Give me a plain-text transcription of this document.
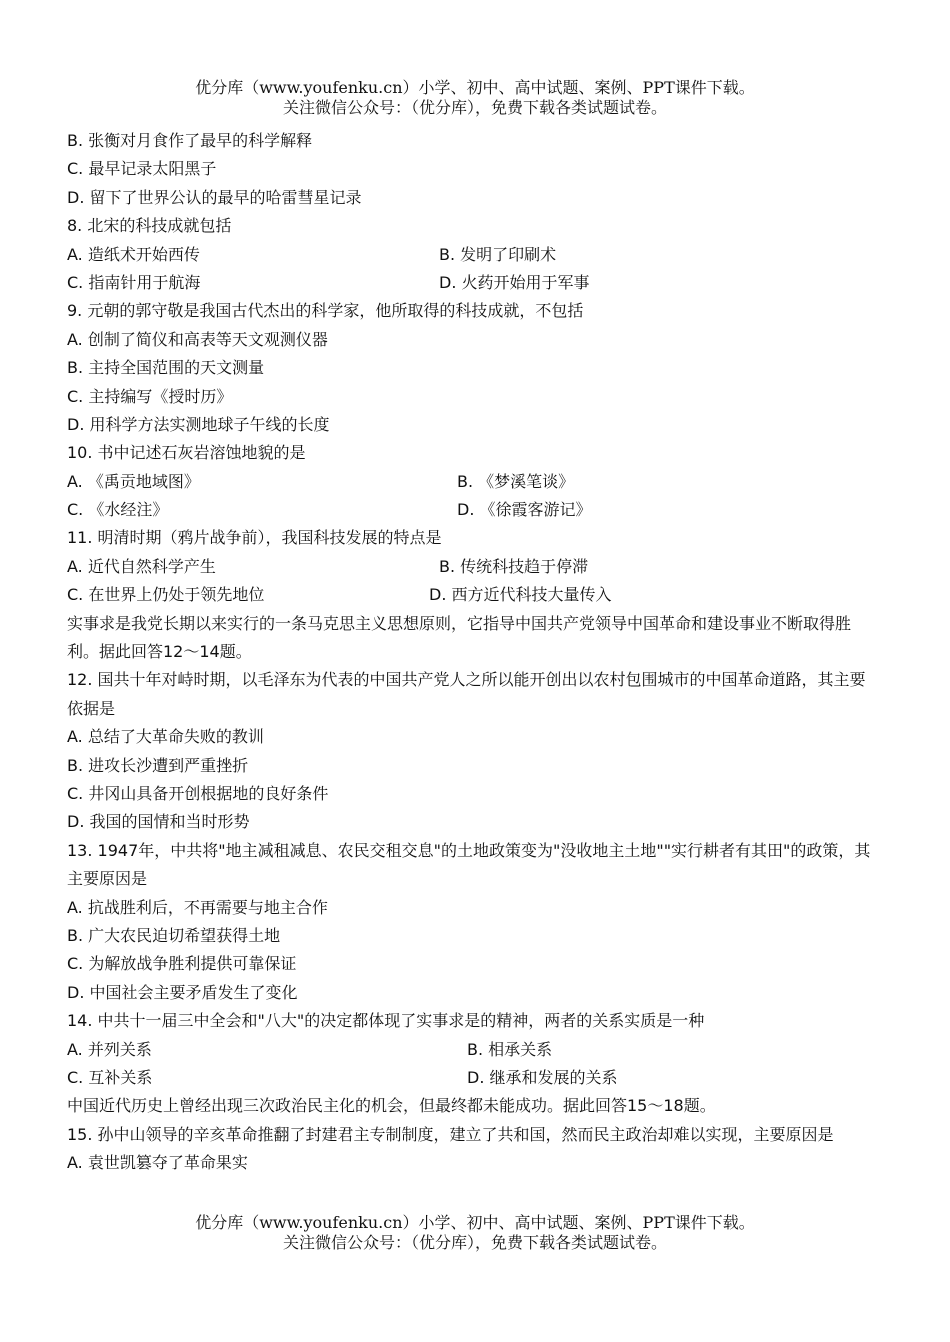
优分库（www.youfenku.cn）小学、初中、高中试题、案例、PPT课件下载。
关注微信公众号：（优分库），免费下载各类试题试卷。
B. 张衡对月食作了最早的科学解释
C. 最早记录太阳黑子
D. 留下了世界公认的最早的哈雷彗星记录
8. 北宋的科技成就包括
A. 造纸术开始西传	B. 发明了印刷术
C. 指南针用于航海	D. 火药开始用于军事
9. 元朝的郭守敬是我国古代杰出的科学家，他所取得的科技成就，不包括
A. 创制了简仪和高表等天文观测仪器
B. 主持全国范围的天文测量
C. 主持编写《授时历》
D. 用科学方法实测地球子午线的长度
10. 书中记述石灰岩溶蚀地貌的是
A. 《禹贡地域图》	B. 《梦溪笔谈》
C. 《水经注》	D. 《徐霞客游记》
11. 明清时期（鸦片战争前），我国科技发展的特点是
A. 近代自然科学产生	B. 传统科技趋于停滞
C. 在世界上仍处于领先地位	D. 西方近代科技大量传入
实事求是我党长期以来实行的一条马克思主义思想原则，它指导中国共产党领导中国革命和建设事业不断取得胜利。据此回答12～14题。
12. 国共十年对峙时期，以毛泽东为代表的中国共产党人之所以能开创出以农村包围城市的中国革命道路，其主要依据是
A. 总结了大革命失败的教训
B. 进攻长沙遭到严重挫折
C. 井冈山具备开创根据地的良好条件
D. 我国的国情和当时形势
13. 1947年，中共将"地主减租减息、农民交租交息"的土地政策变为"没收地主土地""实行耕者有其田"的政策，其主要原因是
A. 抗战胜利后，不再需要与地主合作
B. 广大农民迫切希望获得土地
C. 为解放战争胜利提供可靠保证
D. 中国社会主要矛盾发生了变化
14. 中共十一届三中全会和"八大"的决定都体现了实事求是的精神，两者的关系实质是一种
A. 并列关系	B. 相承关系
C. 互补关系	D. 继承和发展的关系
中国近代历史上曾经出现三次政治民主化的机会，但最终都未能成功。据此回答15～18题。
15. 孙中山领导的辛亥革命推翻了封建君主专制制度，建立了共和国，然而民主政治却难以实现，主要原因是
A. 袁世凯篡夺了革命果实
优分库（www.youfenku.cn）小学、初中、高中试题、案例、PPT课件下载。
关注微信公众号：（优分库），免费下载各类试题试卷。
